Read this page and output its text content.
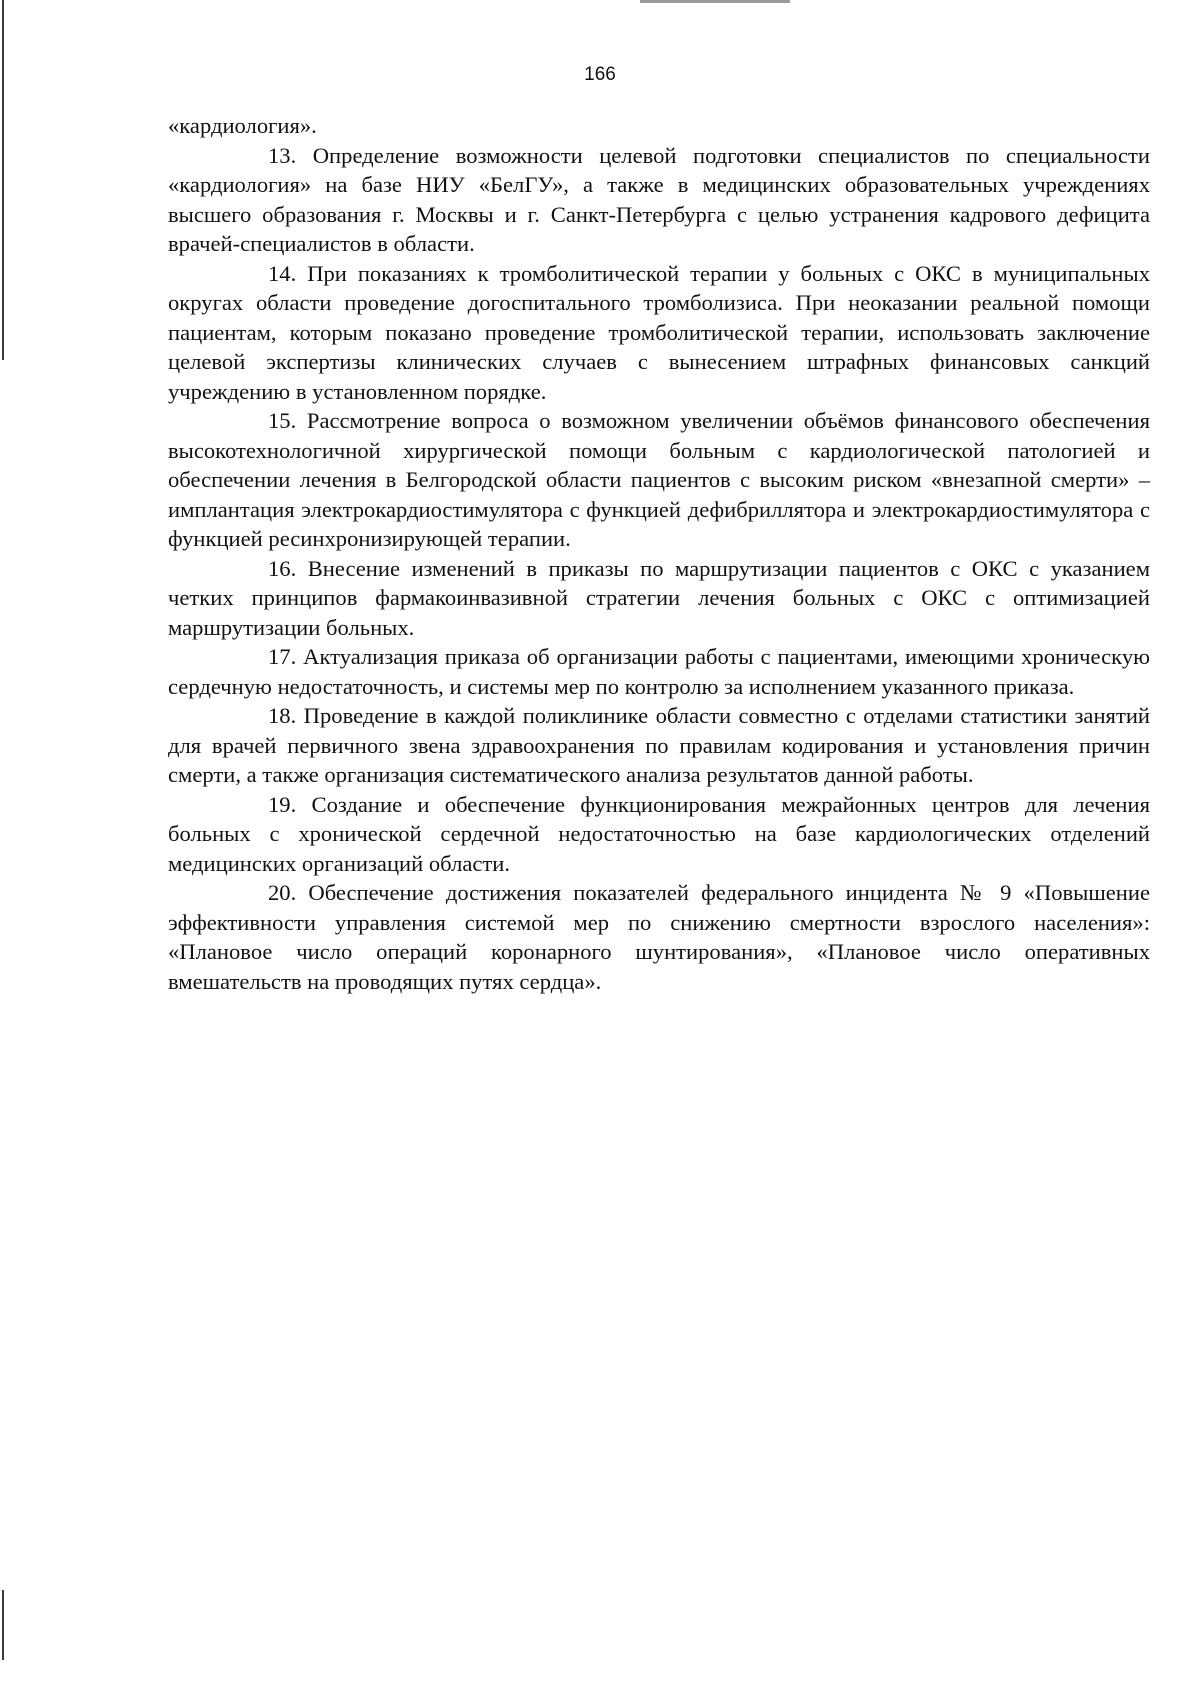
166

«кардиология».

13. Определение возможности целевой подготовки специалистов по специальности «кардиология» на базе НИУ «БелГУ», а также в медицинских образовательных учреждениях высшего образования г. Москвы и г. Санкт-Петербурга с целью устранения кадрового дефицита врачей-специалистов в области.

14. При показаниях к тромболитической терапии у больных с ОКС в муниципальных округах области проведение догоспитального тромболизиса. При неоказании реальной помощи пациентам, которым показано проведение тромболитической терапии, использовать заключение целевой экспертизы клинических случаев с вынесением штрафных финансовых санкций учреждению в установленном порядке.

15. Рассмотрение вопроса о возможном увеличении объёмов финансового обеспечения высокотехнологичной хирургической помощи больным с кардиологической патологией и обеспечении лечения в Белгородской области пациентов с высоким риском «внезапной смерти» – имплантация электрокардиостимулятора с функцией дефибриллятора и электрокардиостимулятора с функцией ресинхронизирующей терапии.

16. Внесение изменений в приказы по маршрутизации пациентов с ОКС с указанием четких принципов фармакоинвазивной стратегии лечения больных с ОКС с оптимизацией маршрутизации больных.

17. Актуализация приказа об организации работы с пациентами, имеющими хроническую сердечную недостаточность, и системы мер по контролю за исполнением указанного приказа.

18. Проведение в каждой поликлинике области совместно с отделами статистики занятий для врачей первичного звена здравоохранения по правилам кодирования и установления причин смерти, а также организация систематического анализа результатов данной работы.

19. Создание и обеспечение функционирования межрайонных центров для лечения больных с хронической сердечной недостаточностью на базе кардиологических отделений медицинских организаций области.

20. Обеспечение достижения показателей федерального инцидента № 9 «Повышение эффективности управления системой мер по снижению смертности взрослого населения»: «Плановое число операций коронарного шунтирования», «Плановое число оперативных вмешательств на проводящих путях сердца».
